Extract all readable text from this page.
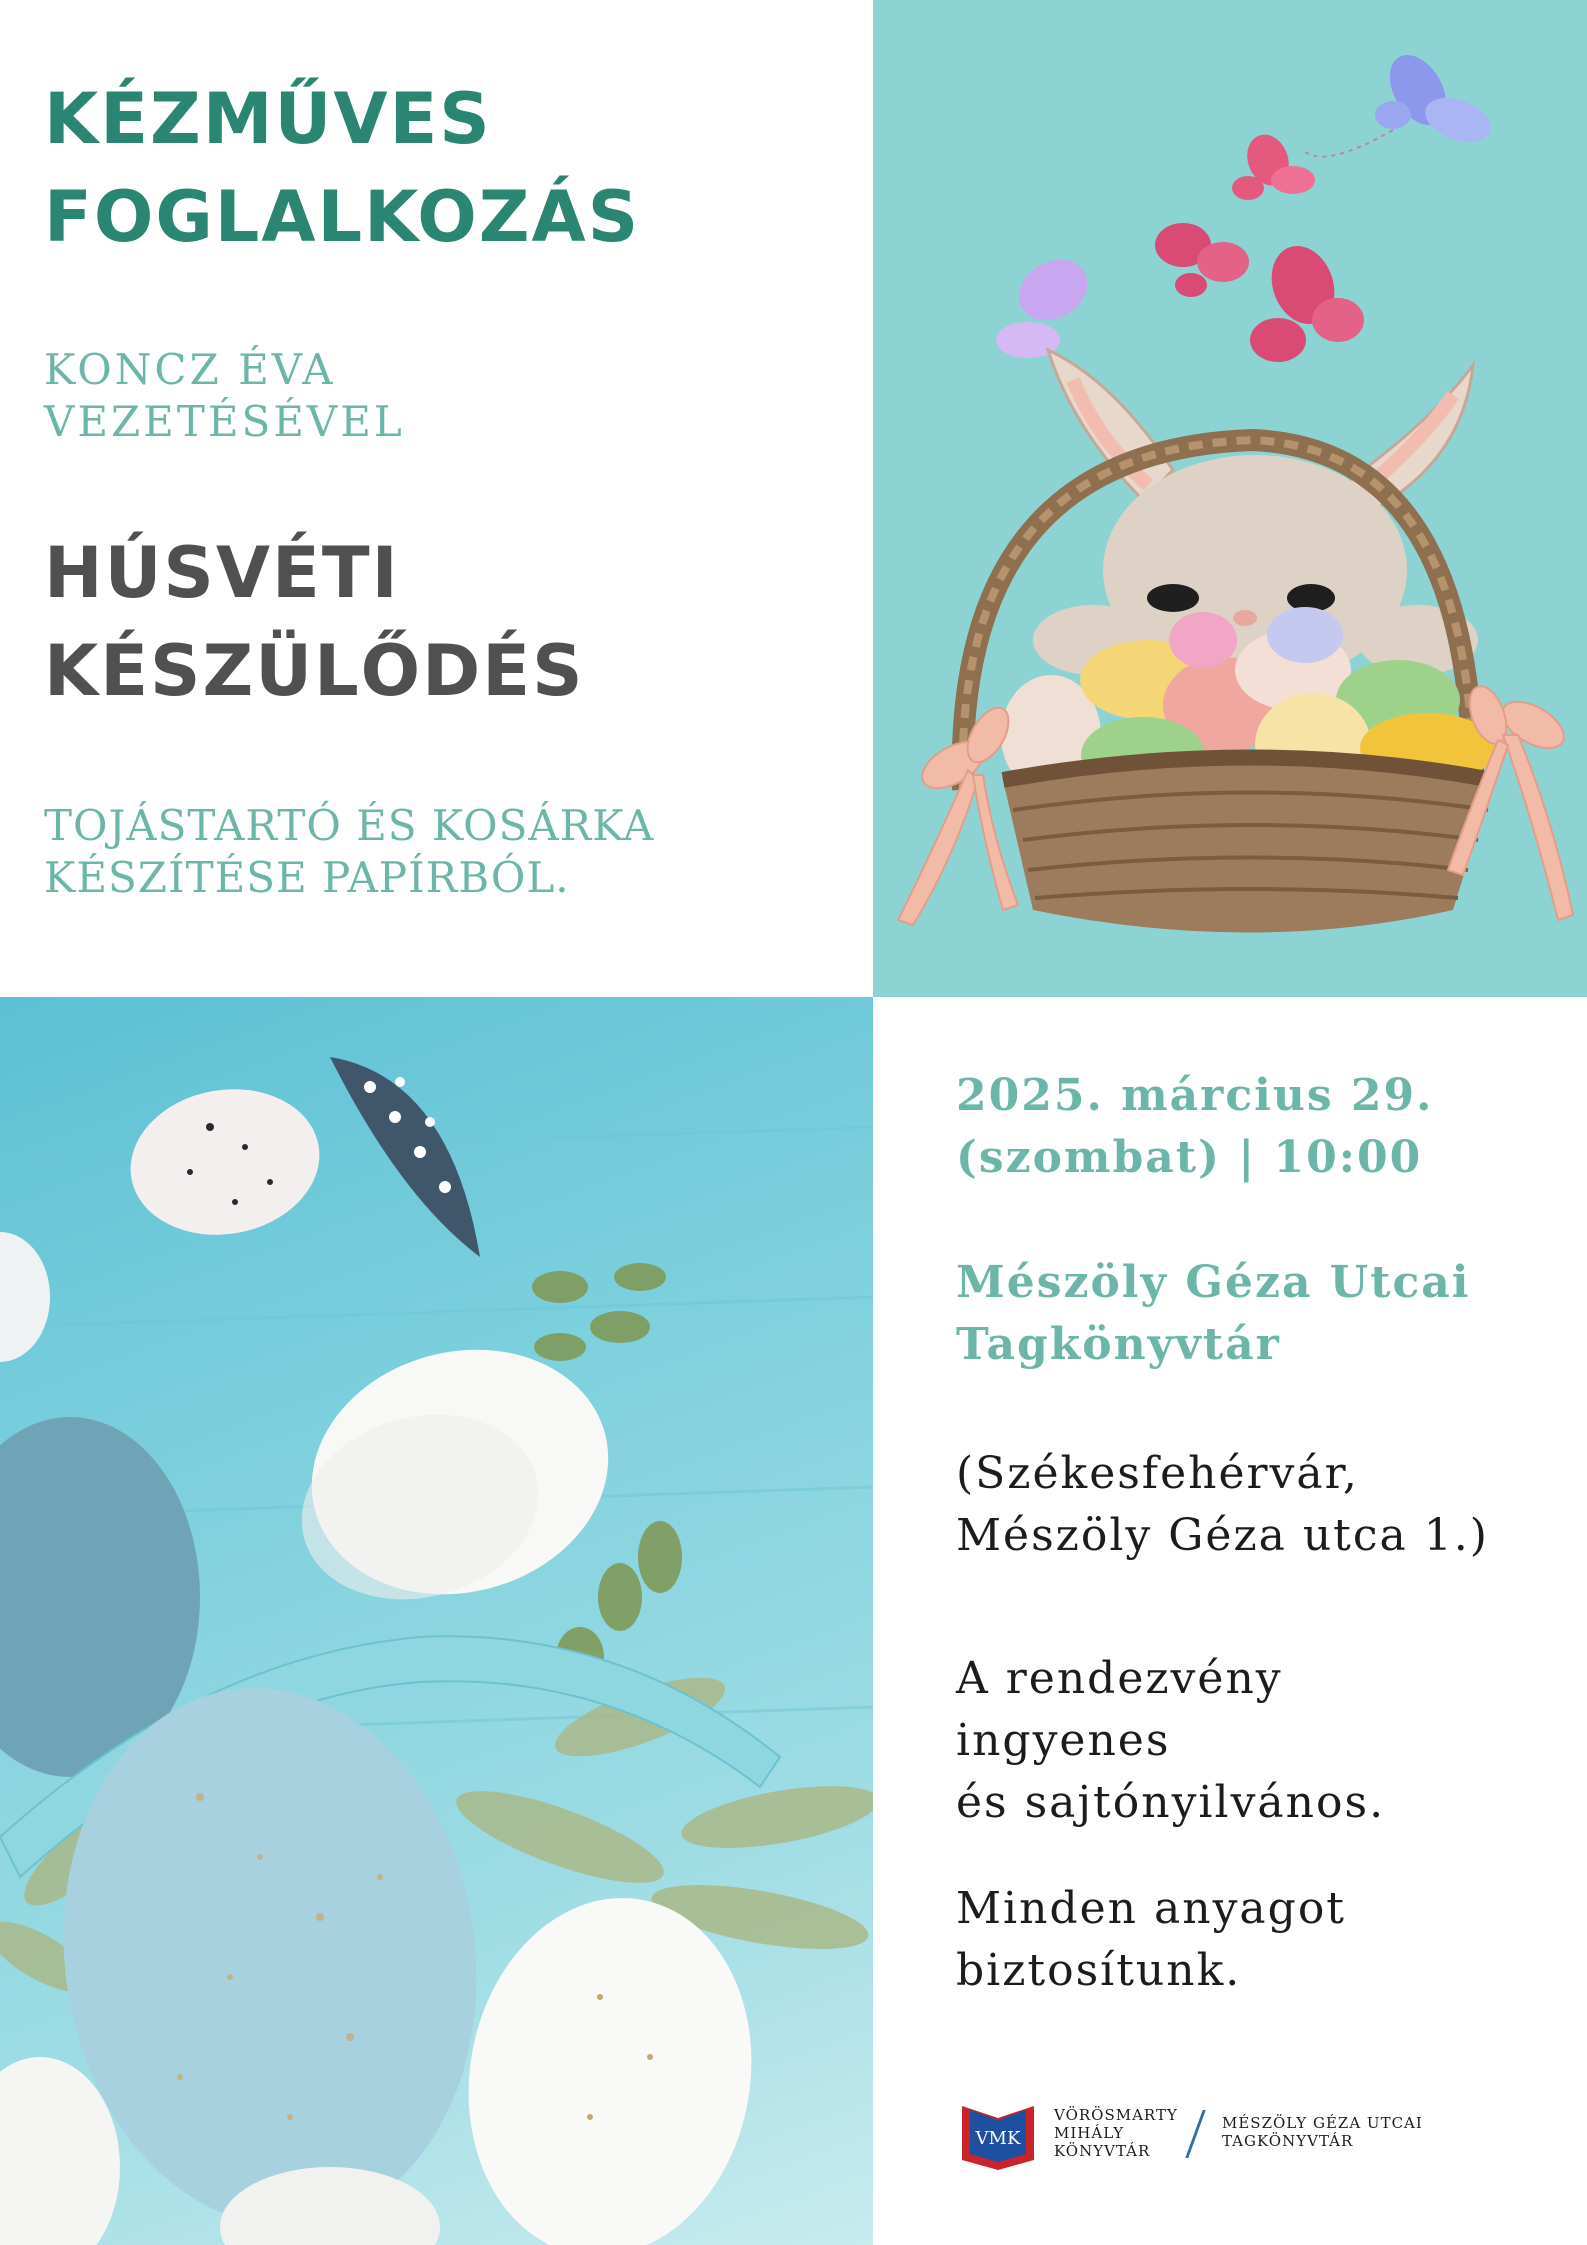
KÉZMŰVES
FOGLALKOZÁS
KONCZ ÉVA
VEZETÉSÉVEL
HÚSVÉTI
KÉSZÜLŐDÉS
TOJÁSTARTÓ ÉS KOSÁRKA
KÉSZÍTÉSE PAPÍRBÓL.
2025. március 29.
(szombat) | 10:00
Mészöly Géza Utcai
Tagkönyvtár
(Székesfehérvár,
Mészöly Géza utca 1.)
A rendezvény
ingyenes
és sajtónyilvános.
Minden anyagot
biztosítunk.
VMK
VÖRÖSMARTY
MIHÁLY
KÖNYVTÁR
MÉSZÖLY GÉZA UTCAI
TAGKÖNYVTÁR
